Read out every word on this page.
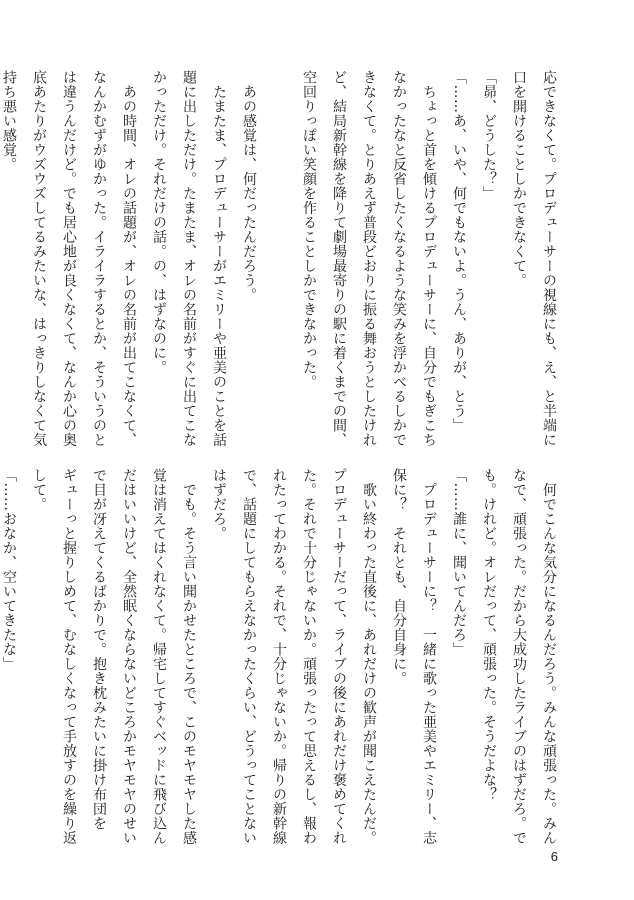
応できなくて。プロデューサーの視線にも、え、と半端に
口を開けることしかできなくて。
「昴、どうした？」
「……あ、いや、何でもないよ。うん、ありが、とう」
　ちょっと首を傾けるプロデューサーに、自分でもぎこち
なかったなと反省したくなるような笑みを浮かべるしかで
きなくて。とりあえず普段どおりに振る舞おうとしたけれ
ど、結局新幹線を降りて劇場最寄りの駅に着くまでの間、
空回りっぽい笑顔を作ることしかできなかった。

　あの感覚は、何だったんだろう。
　たまたま、プロデューサーがエミリーや亜美のことを話
題に出しただけ。たまたま、オレの名前がすぐに出てこな
かっただけ。それだけの話。の、はずなのに。
　あの時間、オレの話題が、オレの名前が出てこなくて、
なんかむずがゆかった。イライラするとか、そういうのと
は違うんだけど。でも居心地が良くなくて、なんか心の奥
底あたりがウズウズしてるみたいな、はっきりしなくて気
持ち悪い感覚。
　何でこんな気分になるんだろう。みんな頑張った。みん
なで、頑張った。だから大成功したライブのはずだろ。で
も。けれど。オレだって、頑張った。そうだよな？
「……誰に、聞いてんだろ」
　プロデューサーに？　一緒に歌った亜美やエミリー、志
保に？　それとも、自分自身に。
　歌い終わった直後に、あれだけの歓声が聞こえたんだ。
プロデューサーだって、ライブの後にあれだけ褒めてくれ
た。それで十分じゃないか。頑張ったって思えるし、報わ
れたってわかる。それで、十分じゃないか。帰りの新幹線
で、話題にしてもらえなかったくらい、どうってことない
はずだろ。
　でも。そう言い聞かせたところで、このモヤモヤした感
覚は消えてはくれなくて。帰宅してすぐベッドに飛び込ん
だはいいけど、全然眠くならないどころかモヤモヤのせい
で目が冴えてくるばかりで。抱き枕みたいに掛け布団を
ギューっと握りしめて、むなしくなって手放すのを繰り返
して。
「……おなか、空いてきたな」
6
